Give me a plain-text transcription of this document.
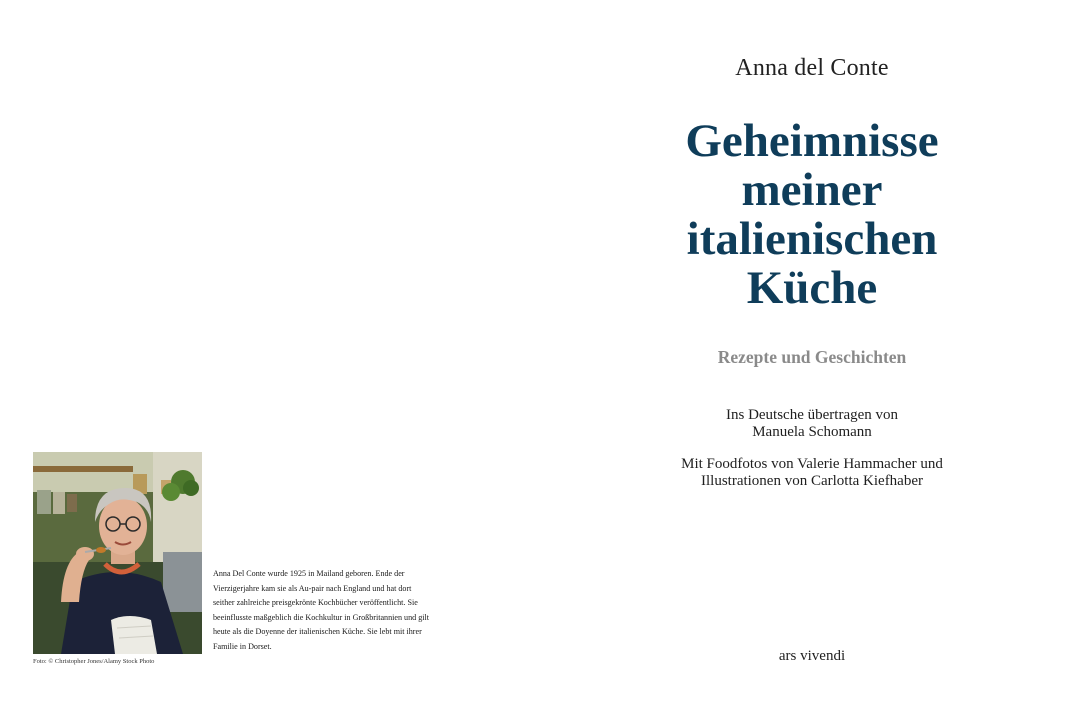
Foto: © Christopher Jones/Alamy Stock Photo
Anna Del Conte wurde 1925 in Mailand geboren. Ende der
Vierzigerjahre kam sie als Au-pair nach England und hat dort
seither zahlreiche preisgekrönte Kochbücher veröffentlicht. Sie
beeinflusste maßgeblich die Kochkultur in Großbritannien und gilt
heute als die Doyenne der italienischen Küche. Sie lebt mit ihrer
Familie in Dorset.
Anna del Conte
Geheimnisse
meiner
italienischen
Küche
Rezepte und Geschichten
Ins Deutsche übertragen von
Manuela Schomann
Mit Foodfotos von Valerie Hammacher und
Illustrationen von Carlotta Kiefhaber
ars vivendi
